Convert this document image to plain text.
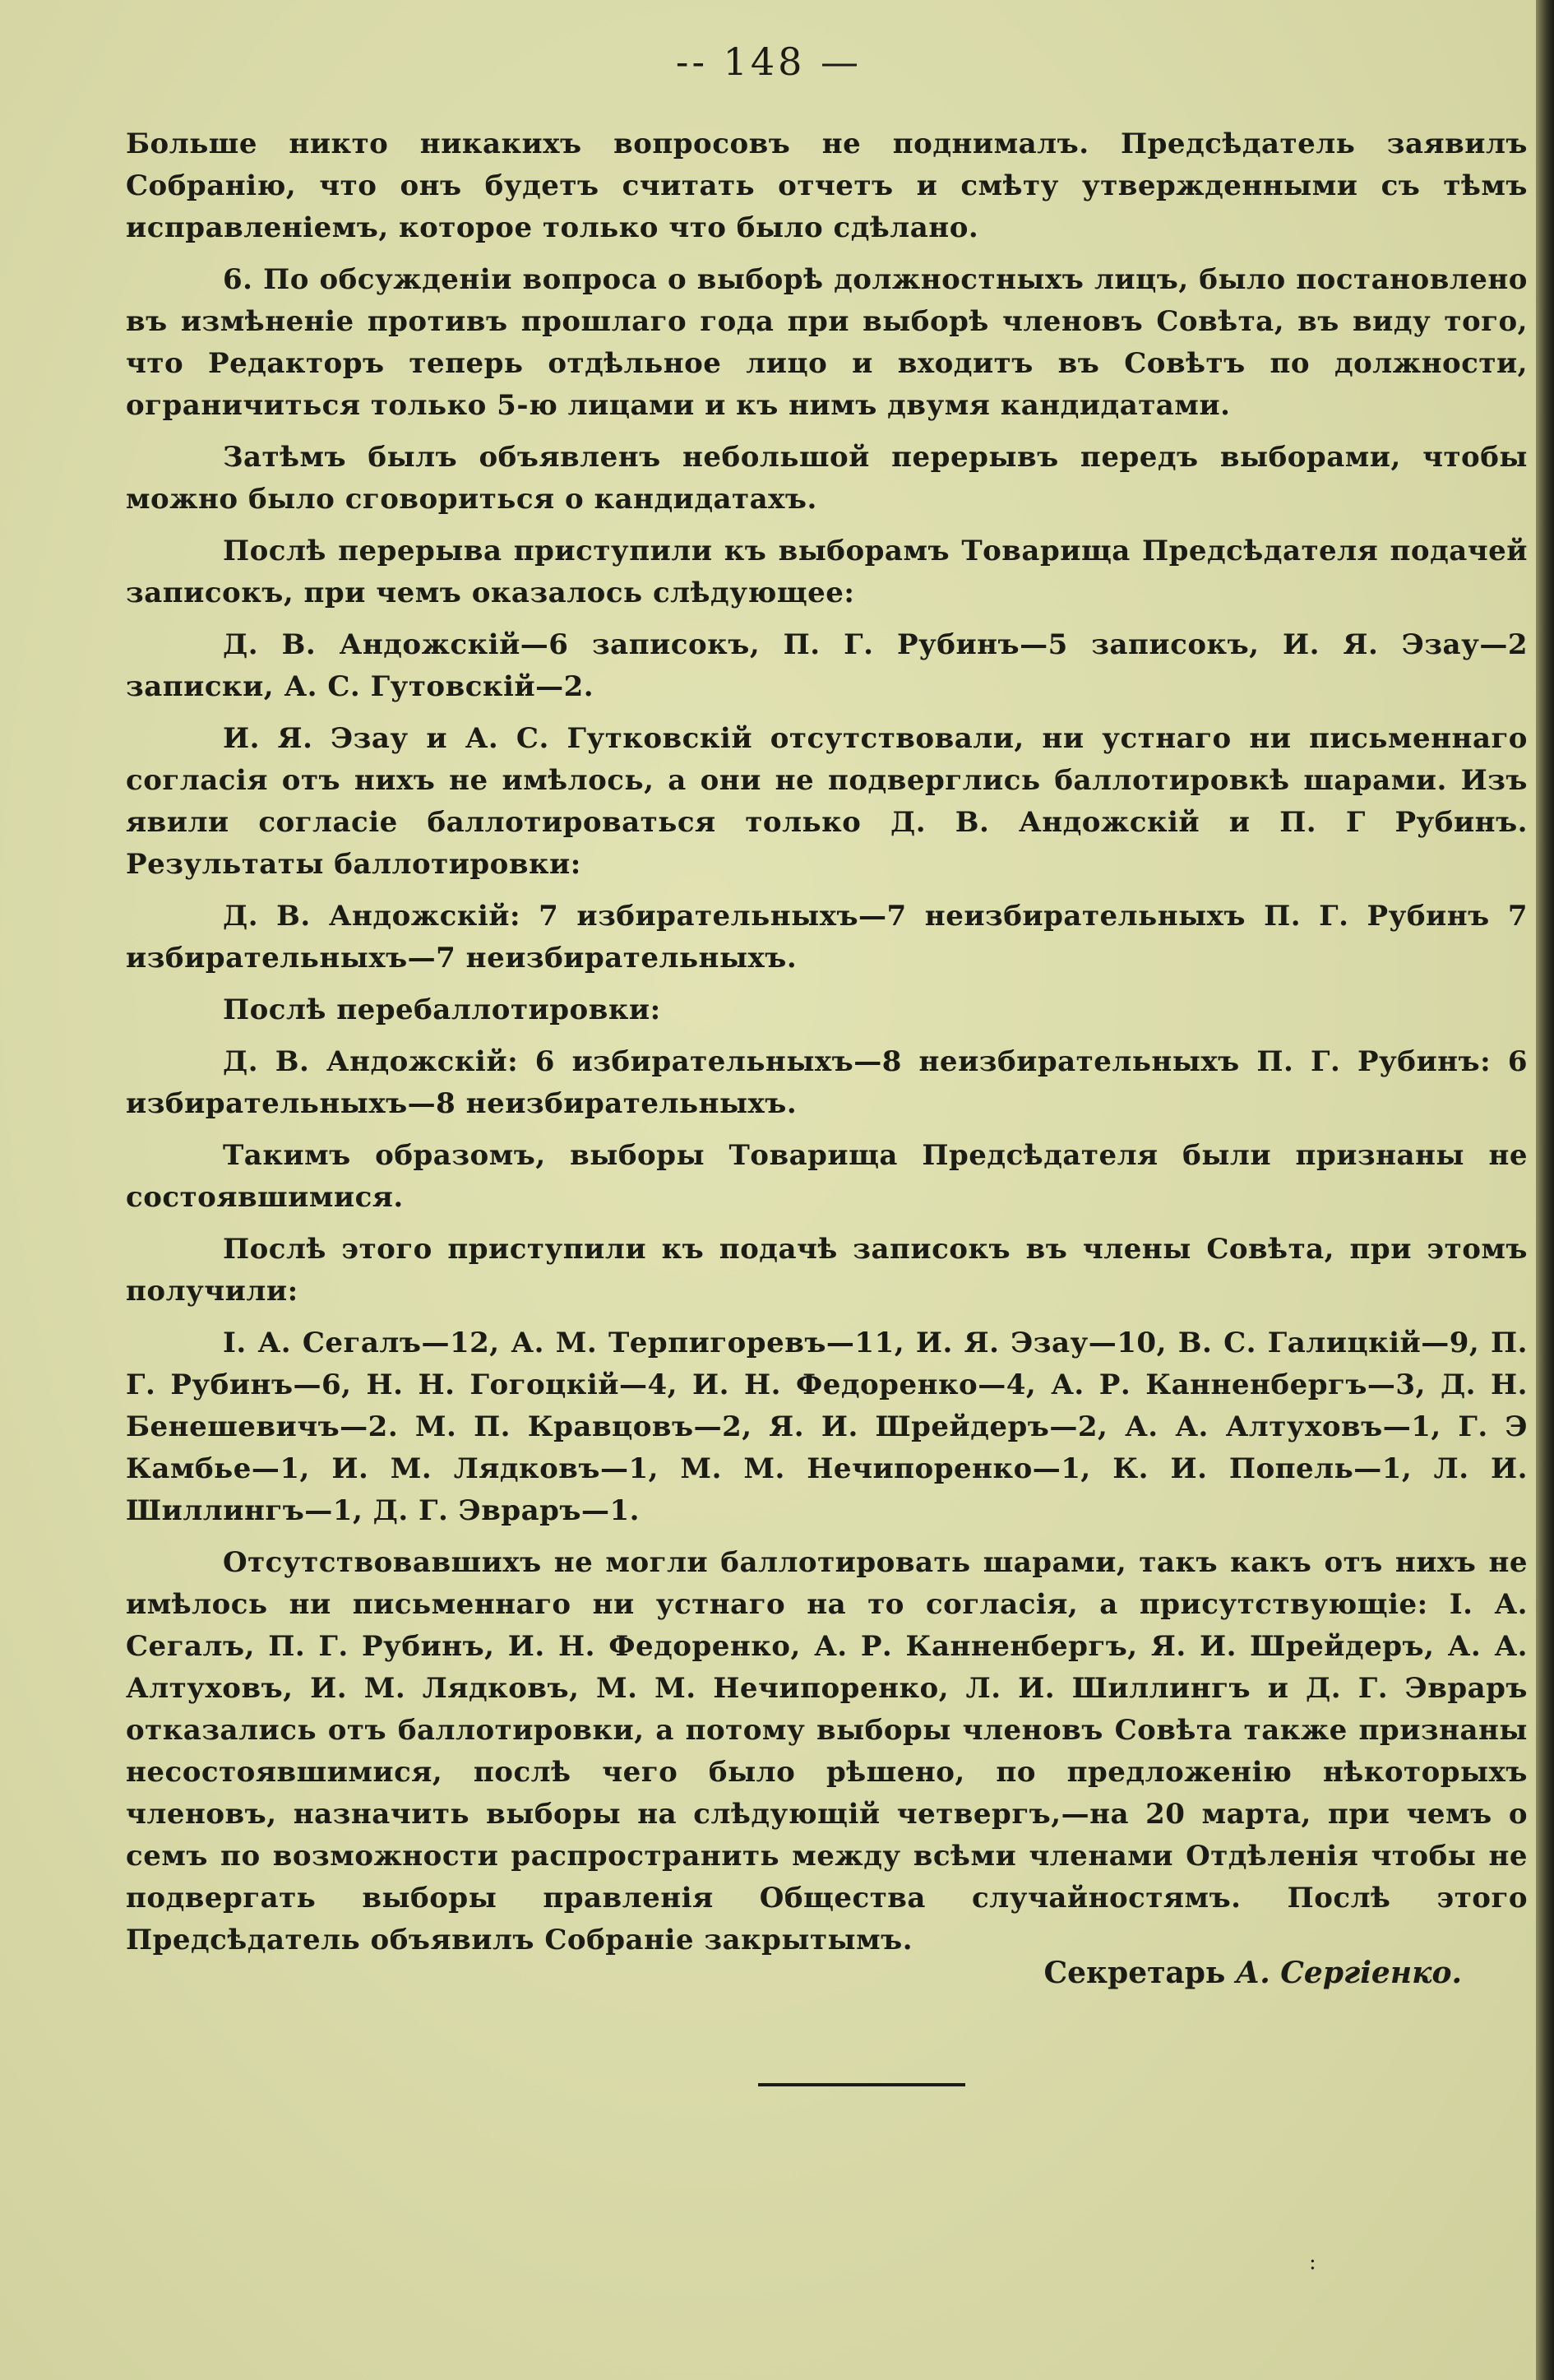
-- 148 —

Больше никто никакихъ вопросовъ не поднималъ. Предсѣдатель заявилъ Собранію, что онъ будетъ считать отчетъ и смѣту утвержденными съ тѣмъ исправленіемъ, которое только что было сдѣлано.

6. По обсужденіи вопроса о выборѣ должностныхъ лицъ, было постановлено въ измѣненіе противъ прошлаго года при выборѣ членовъ Совѣта, въ виду того, что Редакторъ теперь отдѣльное лицо и входитъ въ Совѣтъ по должности, ограничиться только 5-ю лицами и къ нимъ двумя кандидатами.

Затѣмъ былъ объявленъ небольшой перерывъ передъ выборами, чтобы можно было сговориться о кандидатахъ.

Послѣ перерыва приступили къ выборамъ Товарища Предсѣдателя подачей записокъ, при чемъ оказалось слѣдующее:

Д. В. Андожскій—6 записокъ, П. Г. Рубинъ—5 записокъ, И. Я. Эзау—2 записки, А. С. Гутовскій—2.

И. Я. Эзау и А. С. Гутковскій отсутствовали, ни устнаго ни письменнаго согласія отъ нихъ не имѣлось, а они не подверглись баллотировкѣ шарами. Изъ явили согласіе баллотироваться только Д. В. Андожскій и П. Г Рубинъ. Результаты баллотировки:

Д. В. Андожскій: 7 избирательныхъ—7 неизбирательныхъ П. Г. Рубинъ 7 избирательныхъ—7 неизбирательныхъ.

Послѣ перебаллотировки:

Д. В. Андожскій: 6 избирательныхъ—8 неизбирательныхъ П. Г. Рубинъ: 6 избирательныхъ—8 неизбирательныхъ.

Такимъ образомъ, выборы Товарища Предсѣдателя были признаны не состоявшимися.

Послѣ этого приступили къ подачѣ записокъ въ члены Совѣта, при этомъ получили:

I. А. Сегалъ—12, А. М. Терпигоревъ—11, И. Я. Эзау—10, В. С. Галицкій—9, П. Г. Рубинъ—6, Н. Н. Гогоцкій—4, И. Н. Федоренко—4, А. Р. Канненбергъ—3, Д. Н. Бенешевичъ—2. М. П. Кравцовъ—2, Я. И. Шрейдеръ—2, А. А. Алтуховъ—1, Г. Э Камбье—1, И. М. Лядковъ—1, М. М. Нечипоренко—1, К. И. Попель—1, Л. И. Шиллингъ—1, Д. Г. Эвраръ—1.

Отсутствовавшихъ не могли баллотировать шарами, такъ какъ отъ нихъ не имѣлось ни письменнаго ни устнаго на то согласія, а присутствующіе: I. А. Сегалъ, П. Г. Рубинъ, И. Н. Федоренко, А. Р. Канненбергъ, Я. И. Шрейдеръ, А. А. Алтуховъ, И. М. Лядковъ, М. М. Нечипоренко, Л. И. Шиллингъ и Д. Г. Эвраръ отказались отъ баллотировки, а потому выборы членовъ Совѣта также признаны несостоявшимися, послѣ чего было рѣшено, по предложенію нѣкоторыхъ членовъ, назначить выборы на слѣдующій четвергъ,—на 20 марта, при чемъ о семъ по возможности распространить между всѣми членами Отдѣленія чтобы не подвергать выборы правленія Общества случайностямъ. Послѣ этого Предсѣдатель объявилъ Собраніе закрытымъ.

Секретарь А. Сергіенко.
:
